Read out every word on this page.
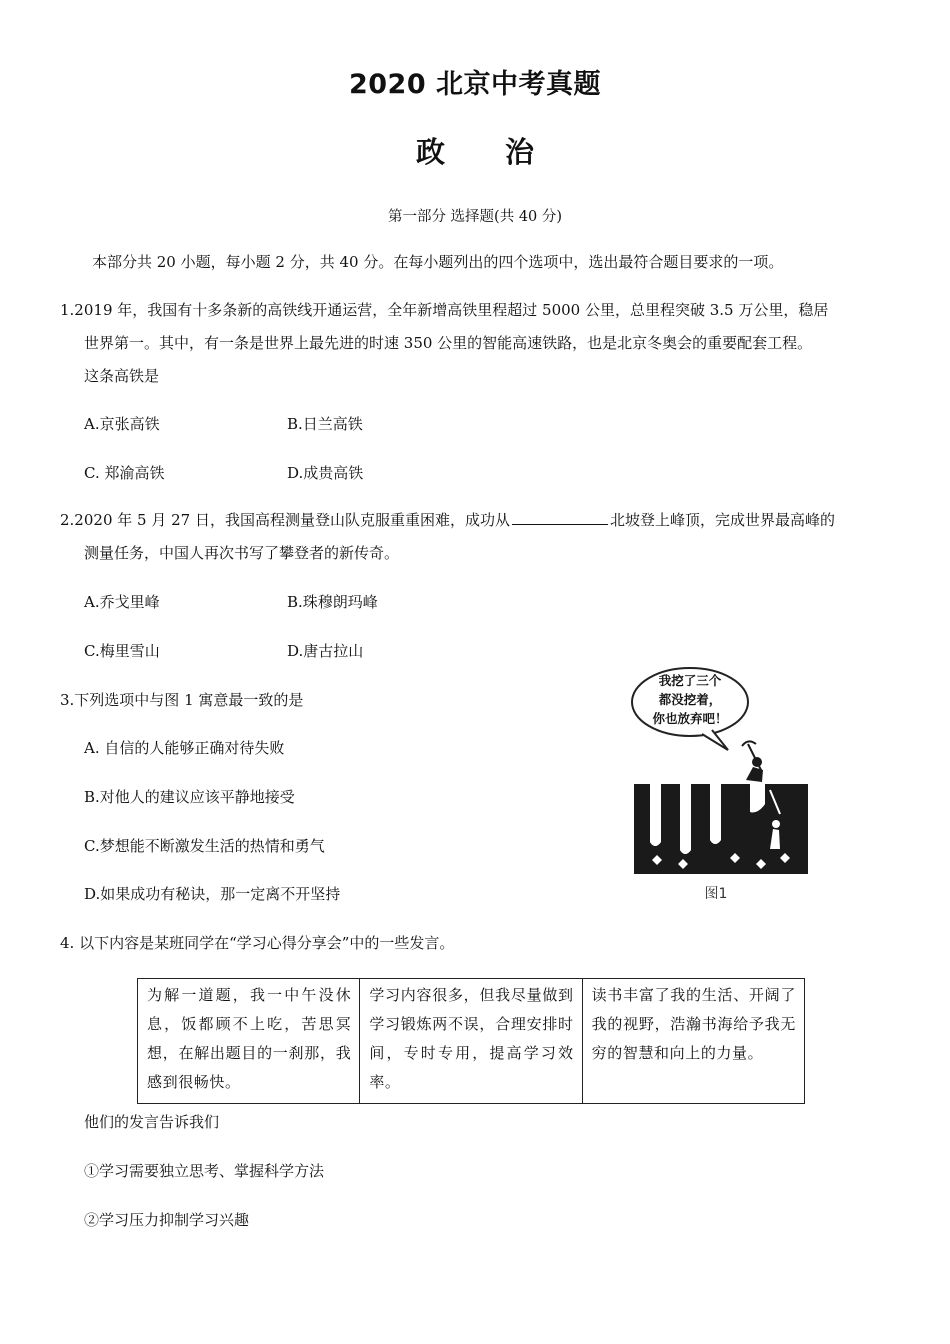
2020 北京中考真题
政 治
第一部分 选择题(共 40 分)
本部分共 20 小题，每小题 2 分，共 40 分。在每小题列出的四个选项中，选出最符合题目要求的一项。
1.2019 年，我国有十多条新的高铁线开通运营，全年新增高铁里程超过 5000 公里，总里程突破 3.5 万公里，稳居
世界第一。其中，有一条是世界上最先进的时速 350 公里的智能高速铁路，也是北京冬奥会的重要配套工程。
这条高铁是
A.京张高铁	B.日兰高铁
C. 郑渝高铁	D.成贵高铁
2.2020 年 5 月 27 日，我国高程测量登山队克服重重困难，成功从	北坡登上峰顶，完成世界最高峰的
测量任务，中国人再次书写了攀登者的新传奇。
A.乔戈里峰	B.珠穆朗玛峰
C.梅里雪山	D.唐古拉山
3.下列选项中与图 1 寓意最一致的是
A. 自信的人能够正确对待失败
B.对他人的建议应该平静地接受
C.梦想能不断激发生活的热情和勇气
D.如果成功有秘诀，那一定离不开坚持
我挖了三个
都没挖着，
你也放弃吧！
图1
4. 以下内容是某班同学在“学习心得分享会”中的一些发言。
为解一道题，我一中午没休息，饭都顾不上吃，苦思冥想，在解出题目的一刹那，我感到很畅快。	学习内容很多，但我尽量做到学习锻炼两不误，合理安排时间，专时专用，提高学习效率。	读书丰富了我的生活、开阔了我的视野，浩瀚书海给予我无穷的智慧和向上的力量。
他们的发言告诉我们
①学习需要独立思考、掌握科学方法
②学习压力抑制学习兴趣
